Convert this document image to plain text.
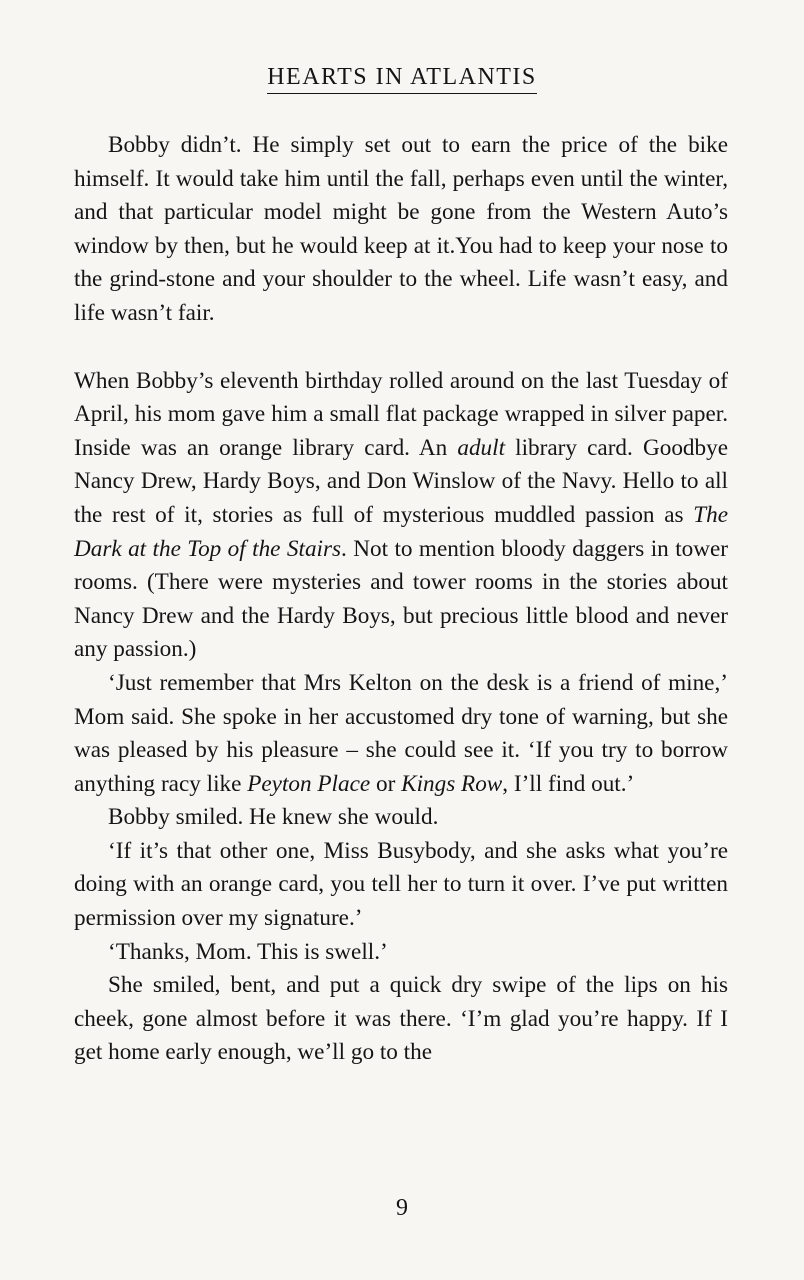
HEARTS IN ATLANTIS

Bobby didn’t. He simply set out to earn the price of the bike himself. It would take him until the fall, perhaps even until the winter, and that particular model might be gone from the Western Auto’s window by then, but he would keep at it.You had to keep your nose to the grind-stone and your shoulder to the wheel. Life wasn’t easy, and life wasn’t fair.

When Bobby’s eleventh birthday rolled around on the last Tuesday of April, his mom gave him a small flat package wrapped in silver paper. Inside was an orange library card. An adult library card. Goodbye Nancy Drew, Hardy Boys, and Don Winslow of the Navy. Hello to all the rest of it, stories as full of mysterious muddled passion as The Dark at the Top of the Stairs. Not to mention bloody daggers in tower rooms. (There were mysteries and tower rooms in the stories about Nancy Drew and the Hardy Boys, but precious little blood and never any passion.)

‘Just remember that Mrs Kelton on the desk is a friend of mine,’ Mom said. She spoke in her accustomed dry tone of warning, but she was pleased by his pleasure – she could see it. ‘If you try to borrow anything racy like Peyton Place or Kings Row, I’ll find out.’

Bobby smiled. He knew she would.

‘If it’s that other one, Miss Busybody, and she asks what you’re doing with an orange card, you tell her to turn it over. I’ve put written permission over my signature.’

‘Thanks, Mom. This is swell.’

She smiled, bent, and put a quick dry swipe of the lips on his cheek, gone almost before it was there. ‘I’m glad you’re happy. If I get home early enough, we’ll go to the

9
